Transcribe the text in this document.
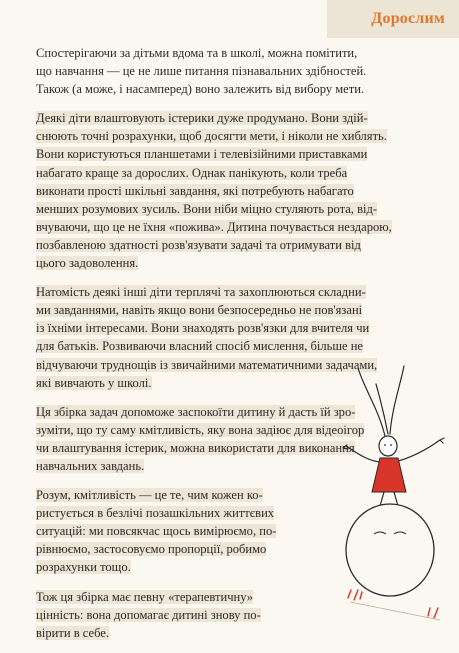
Дорослим
Спостерігаючи за дітьми вдома та в школі, можна помітити,
що навчання — це не лише питання пізнавальних здібностей.
Також (а може, і насамперед) воно залежить від вибору мети.
Деякі діти влаштовують істерики дуже продумано. Вони здій-
снюють точні розрахунки, щоб досягти мети, і ніколи не хиблять.
Вони користуються планшетами і телевізійними приставками
набагато краще за дорослих. Однак панікують, коли треба
виконати прості шкільні завдання, які потребують набагато
менших розумових зусиль. Вони ніби міцно стуляють рота, від-
вчуваючи, що це не їхня «пожива». Дитина почувається нездарою,
позбавленою здатності розв'язувати задачі та отримувати від
цього задоволення.
Натомість деякі інші діти терплячі та захоплюються складни-
ми завданнями, навіть якщо вони безпосередньо не пов'язані
із їхніми інтересами. Вони знаходять розв'язки для вчителя чи
для батьків. Розвиваючи власний спосіб мислення, більше не
відчуваючи труднощів із звичайними математичними задачами,
які вивчають у школі.
Ця збірка задач допоможе заспокоїти дитину й дасть їй зро-
зуміти, що ту саму кмітливість, яку вона задіює для відеоігор
чи влаштування істерик, можна використати для виконання
навчальних завдань.
Розум, кмітливість — це те, чим кожен ко-
ристується в безлічі позашкільних життєвих
ситуацій: ми повсякчас щось вимірюємо, по-
рівнюємо, застосовуємо пропорції, робимо
розрахунки тощо.
Тож ця збірка має певну «терапевтичну»
цінність: вона допомагає дитині знову по-
вірити в себе.
